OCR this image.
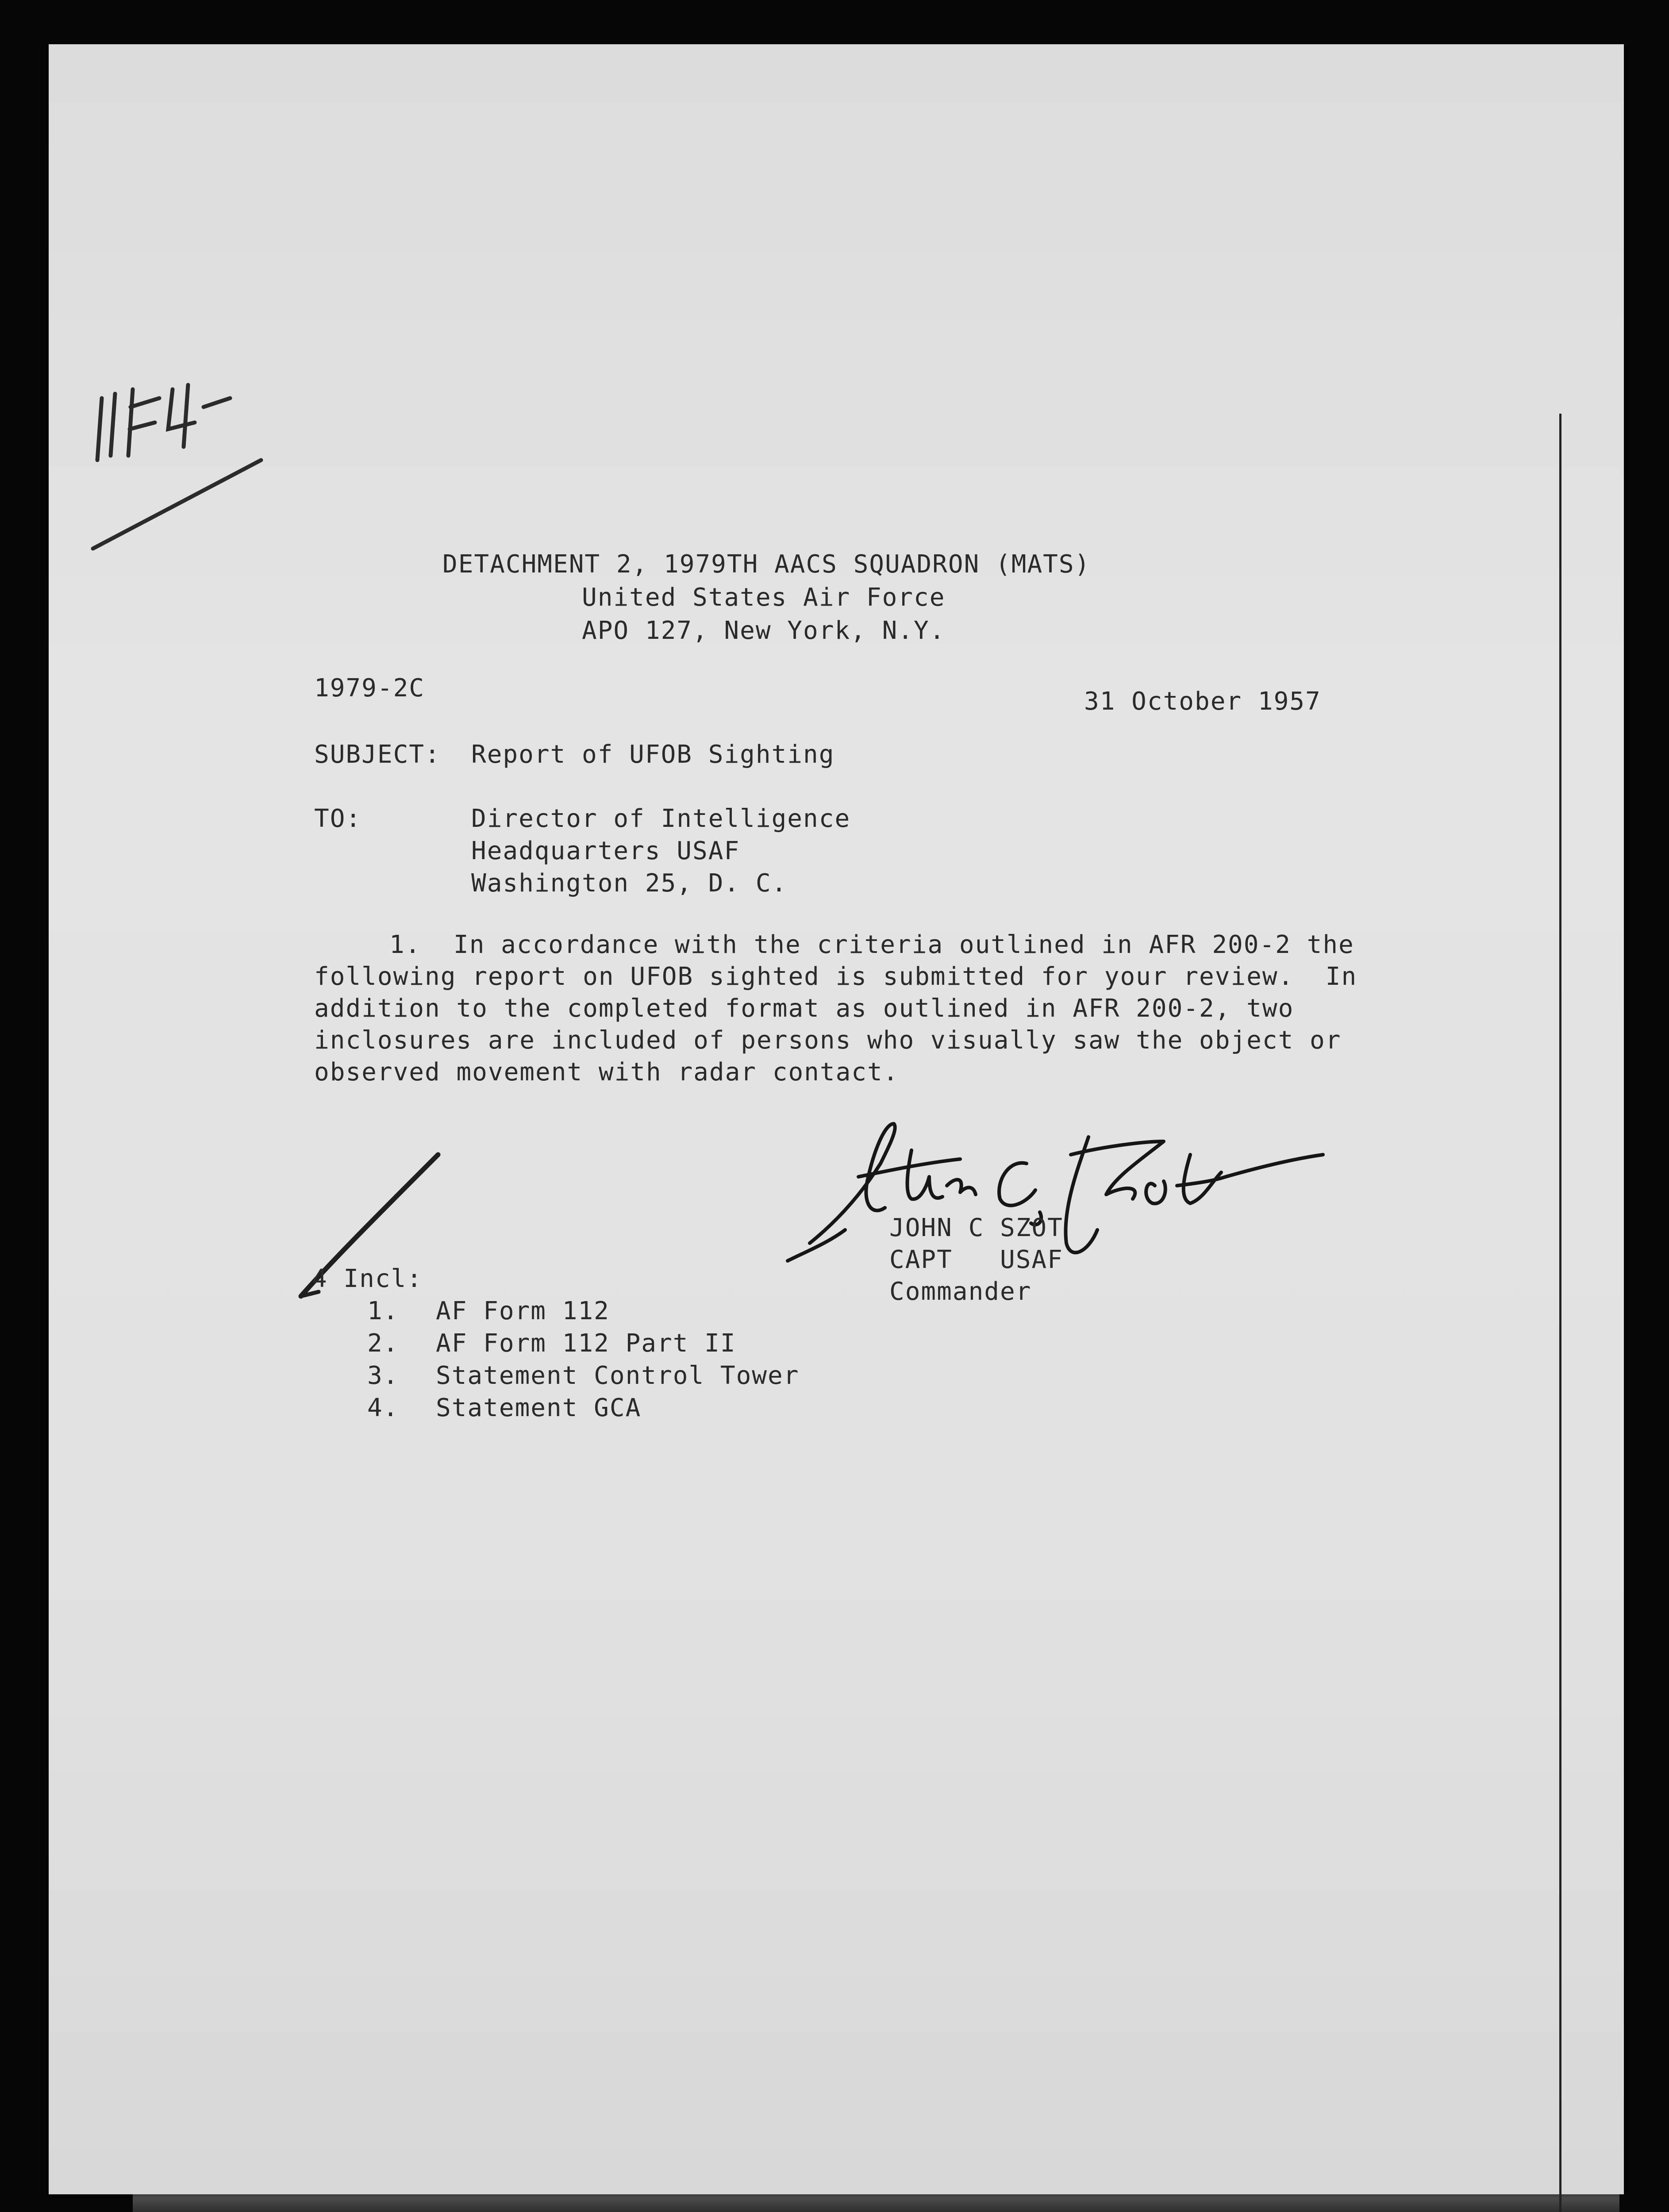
DETACHMENT 2, 1979TH AACS SQUADRON (MATS)
United States Air Force
APO 127, New York, N.Y.
1979-2C	31 October 1957
SUBJECT: Report of UFOB Sighting
TO:	Director of Intelligence
Headquarters USAF
Washington 25, D. C.
1. In accordance with the criteria outlined in AFR 200-2 the
following report on UFOB sighted is submitted for your review.  In
addition to the completed format as outlined in AFR 200-2, two
inclosures are included of persons who visually saw the object or
observed movement with radar contact.
JOHN C SZOT
CAPT   USAF
Commander
4 Incl:
1. AF Form 112
2. AF Form 112 Part II
3. Statement Control Tower
4. Statement GCA
